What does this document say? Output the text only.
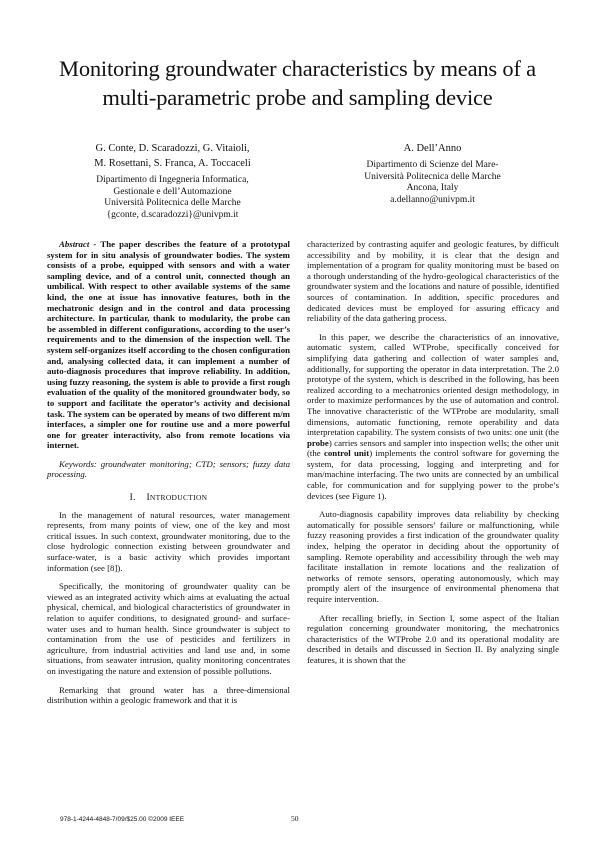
Monitoring groundwater characteristics by means of a
multi-parametric probe and sampling device
G. Conte, D. Scaradozzi, G. Vitaioli,
M. Rosettani, S. Franca, A. Toccaceli
Dipartimento di Ingegneria Informatica,
Gestionale e dell’Automazione
Università Politecnica delle Marche
{gconte, d.scaradozzi}@univpm.it
A. Dell’Anno
Dipartimento di Scienze del Mare-
Università Politecnica delle Marche
Ancona, Italy
a.dellanno@univpm.it

Abstract - The paper describes the feature of a prototypal system for in situ analysis of groundwater bodies. The system consists of a probe, equipped with sensors and with a water sampling device, and of a control unit, connected though an umbilical. With respect to other available systems of the same kind, the one at issue has innovative features, both in the mechatronic design and in the control and data processing architecture. In particular, thank to modularity, the probe can be assembled in different configurations, according to the user’s requirements and to the dimension of the inspection well. The system self-organizes itself according to the chosen configuration and, analysing collected data, it can implement a number of auto-diagnosis procedures that improve reliability. In addition, using fuzzy reasoning, the system is able to provide a first rough evaluation of the quality of the monitored groundwater body, so to support and facilitate the operator’s activity and decisional task. The system can be operated by means of two different m/m interfaces, a simpler one for routine use and a more powerful one for greater interactivity, also from remote locations via internet.

Keywords: groundwater monitoring; CTD; sensors; fuzzy data processing.

I. INTRODUCTION

In the management of natural resources, water management represents, from many points of view, one of the key and most critical issues. In such context, groundwater monitoring, due to the close hydrologic connection existing between groundwater and surface-water, is a basic activity which provides important information (see [8]).

Specifically, the monitoring of groundwater quality can be viewed as an integrated activity which aims at evaluating the actual physical, chemical, and biological characteristics of groundwater in relation to aquifer conditions, to designated ground- and surface-water uses and to human health. Since groundwater is subject to contamination from the use of pesticides and fertilizers in agriculture, from industrial activities and land use and, in some situations, from seawater intrusion, quality monitoring concentrates on investigating the nature and extension of possible pollutions.

Remarking that ground water has a three-dimensional distribution within a geologic framework and that it is

characterized by contrasting aquifer and geologic features, by difficult accessibility and by mobility, it is clear that the design and implementation of a program for quality monitoring must be based on a thorough understanding of the hydro-geological characteristics of the groundwater system and the locations and nature of possible, identified sources of contamination. In addition, specific procedures and dedicated devices must be employed for assuring efficacy and reliability of the data gathering process.

In this paper, we describe the characteristics of an innovative, automatic system, called WTProbe, specifically conceived for simplifying data gathering and collection of water samples and, additionally, for supporting the operator in data interpretation. The 2.0 prototype of the system, which is described in the following, has been realized according to a mechatronics oriented design methodology, in order to maximize performances by the use of automation and control. The innovative characteristic of the WTProbe are modularity, small dimensions, automatic functioning, remote operability and data interpretation capability. The system consists of two units: one unit (the probe) carries sensors and sampler into inspection wells; the other unit (the control unit) implements the control software for governing the system, for data processing, logging and interpreting and for man/machine interfacing. The two units are connected by an umbilical cable, for communication and for supplying power to the probe’s devices (see Figure 1).

Auto-diagnosis capability improves data reliability by checking automatically for possible sensors’ failure or malfunctioning, while fuzzy reasoning provides a first indication of the groundwater quality index, helping the operator in deciding about the opportunity of sampling. Remote operability and accessibility through the web may facilitate installation in remote locations and the realization of networks of remote sensors, operating autonomously, which may promptly alert of the insurgence of environmental phenomena that require intervention.

After recalling briefly, in Section I, some aspect of the Italian regulation concerning groundwater monitoring, the mechatronics characteristics of the WTProbe 2.0 and its operational modality are described in details and discussed in Section II. By analyzing single features, it is shown that the

978-1-4244-4848-7/09/$25.00 ©2009 IEEE	50
